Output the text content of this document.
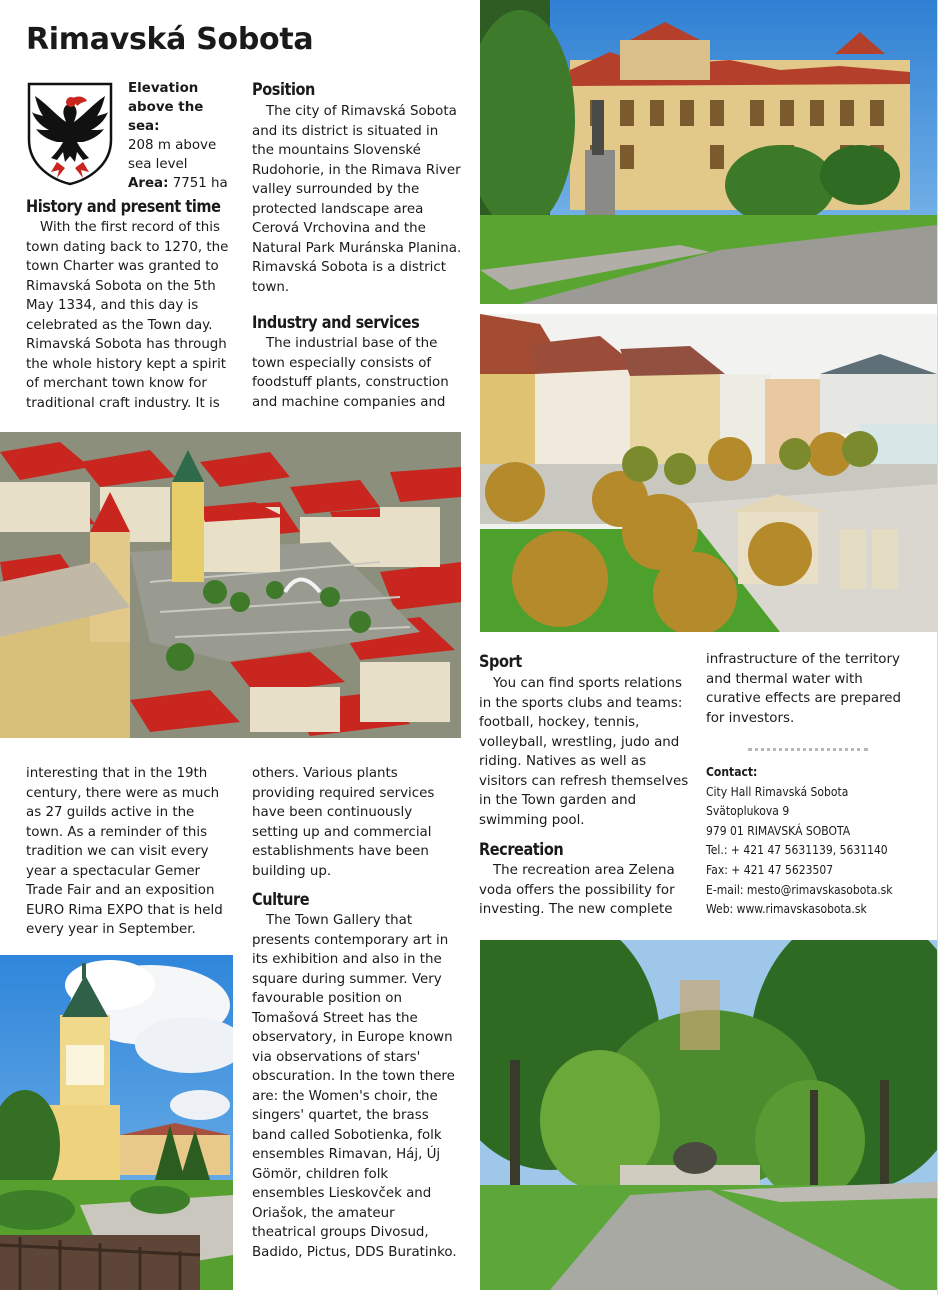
Rimavská Sobota
Elevation above the sea:
208 m above sea level
Area: 7751 ha
History and present time
With the first record of this town dating back to 1270, the town Charter was granted to Rimavská Sobota on the 5th May 1334, and this day is celebrated as the Town day. Rimavská Sobota has through the whole history kept a spirit of merchant town know for traditional craft industry. It is
Position
The city of Rimavská Sobota and its district is situated in the mountains Slovenské Rudohorie, in the Rimava River valley surrounded by the protected landscape area Cerová Vrchovina and the Natural Park Muránska Planina. Rimavská Sobota is a district town.
Industry and services
The industrial base of the town especially consists of foodstuff plants, construction and machine companies and
interesting that in the 19th century, there were as much as 27 guilds active in the town. As a reminder of this tradition we can visit every year a spectacular Gemer Trade Fair and an exposition EURO Rima EXPO that is held every year in September.
others. Various plants providing required services have been continuously setting up and commercial establishments have been building up.
Culture
The Town Gallery that presents contemporary art in its exhibition and also in the square during summer. Very favourable position on Tomašová Street has the observatory, in Europe known via observations of stars' obscuration. In the town there are: the Women's choir, the singers' quartet, the brass band called Sobotienka, folk ensembles Rimavan, Háj, Új Gömör, children folk ensembles Lieskovček and Oriašok, the amateur theatrical groups Divosud, Badido, Pictus, DDS Buratinko.
Sport
You can find sports relations in the sports clubs and teams: football, hockey, tennis, volleyball, wrestling, judo and riding. Natives as well as visitors can refresh themselves in the Town garden and swimming pool.
Recreation
The recreation area Zelena voda offers the possibility for investing. The new complete
infrastructure of the territory and thermal water with curative effects are prepared for investors.
Contact:
City Hall Rimavská Sobota
Svätoplukova 9
979 01 RIMAVSKÁ SOBOTA
Tel.: + 421 47 5631139, 5631140
Fax: + 421 47 5623507
E-mail: mesto@rimavskasobota.sk
Web: www.rimavskasobota.sk
